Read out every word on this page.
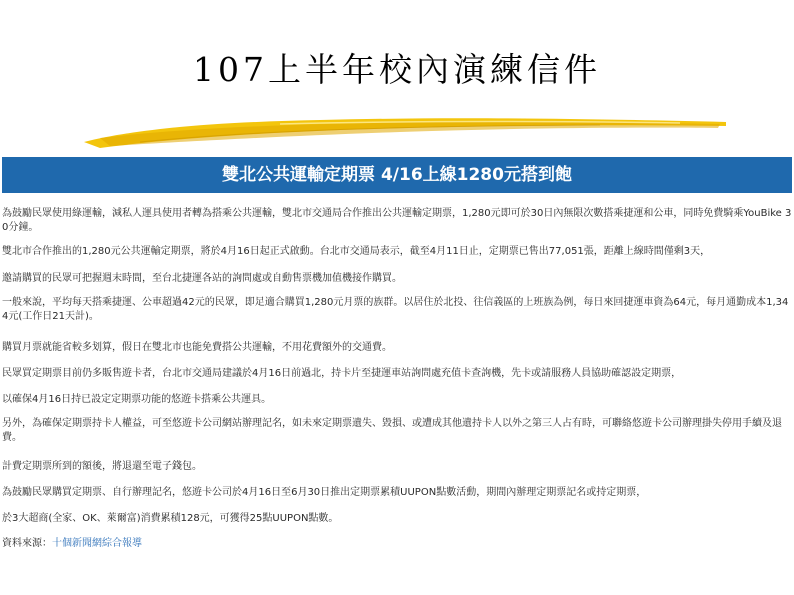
107上半年校內演練信件
雙北公共運輸定期票 4/16上線1280元搭到飽
為鼓勵民眾使用綠運輸，減私人運具使用者轉為搭乘公共運輸，雙北市交通局合作推出公共運輸定期票，1,280元即可於30日內無限次數搭乘捷運和公車，同時免費騎乘YouBike 30分鐘。
雙北市合作推出的1,280元公共運輸定期票，將於4月16日起正式啟動。台北市交通局表示，截至4月11日止，定期票已售出77,051張，距離上線時間僅剩3天，
邀請購買的民眾可把握週末時間，至台北捷運各站的詢問處或自動售票機加值機接作購買。
一般來說，平均每天搭乘捷運、公車超過42元的民眾，即足適合購買1,280元月票的族群。以居住於北投、往信義區的上班族為例，每日來回捷運車資為64元，每月通勤成本1,344元(工作日21天計)。
購買月票就能省較多划算，假日在雙北市也能免費搭公共運輸，不用花費額外的交通費。
民眾買定期票目前仍多販售遊卡者，台北市交通局建議於4月16日前過北，持卡片至捷運車站詢問處充值卡查詢機，先卡或請服務人員協助確認設定期票，
以確保4月16日持已設定定期票功能的悠遊卡搭乘公共運具。
另外，為確保定期票持卡人權益，可至悠遊卡公司網站辦理記名，如未來定期票遺失、毀損、或遭成其他遺持卡人以外之第三人占有時，可聯絡悠遊卡公司辦理掛失停用手續及退費。
計費定期票所到的額後，將退還至電子錢包。
為鼓勵民眾購買定期票、自行辦理記名，悠遊卡公司於4月16日至6月30日推出定期票累積UUPON點數活動，期間內辦理定期票記名或持定期票，
於3大超商(全家、OK、萊爾富)消費累積128元，可獲得25點UUPON點數。
資料來源：十個新聞網綜合報導
